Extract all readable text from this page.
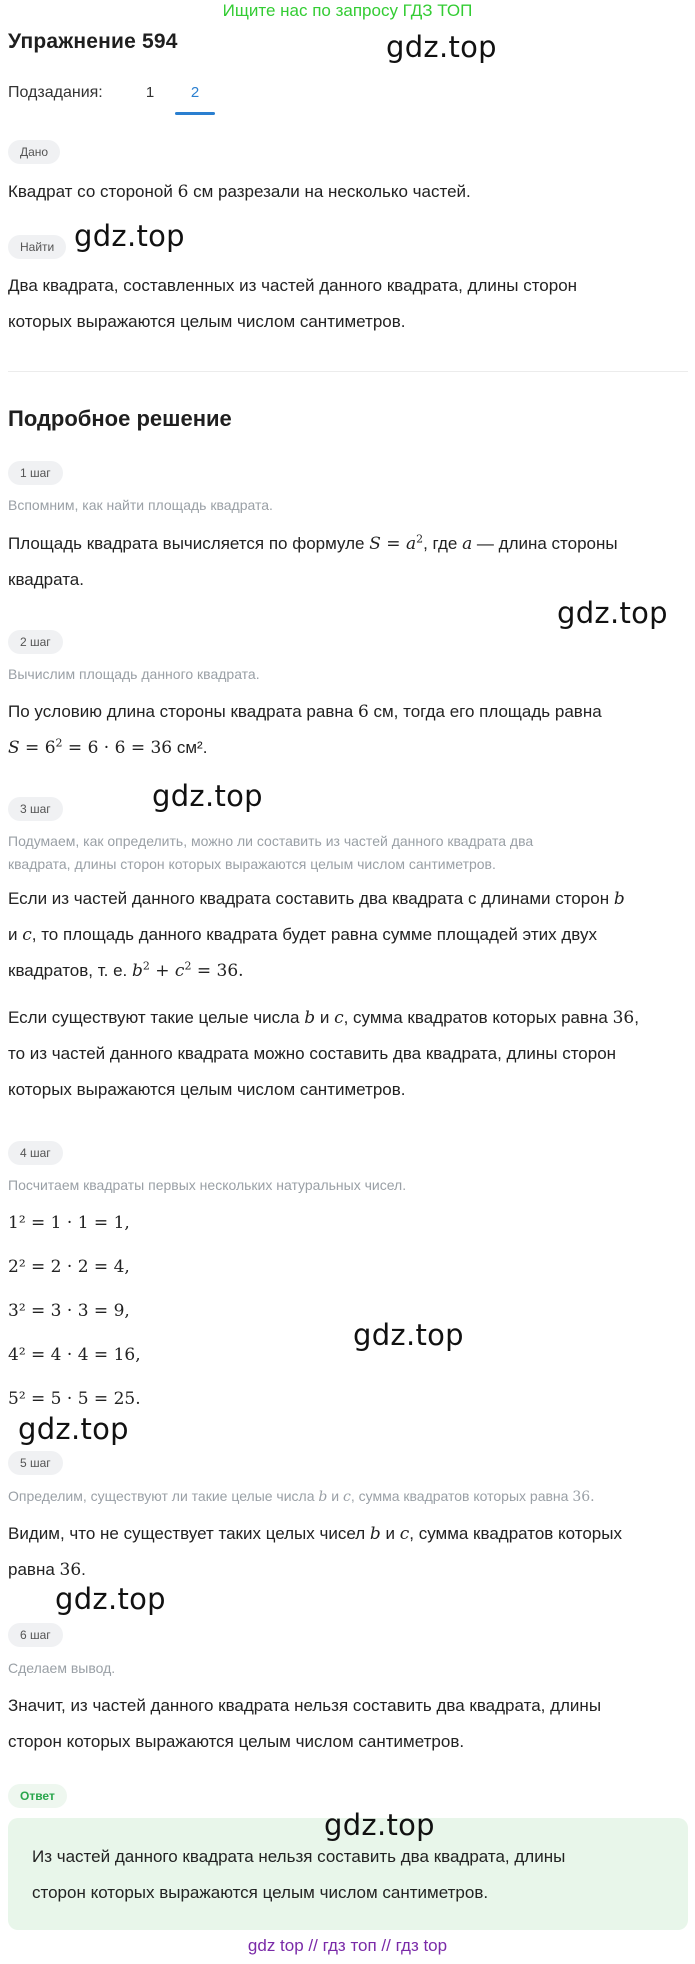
Ищите нас по запросу ГДЗ ТОП
Упражнение 594	gdz.top
Подзадания:	1	2
Дано
Квадрат со стороной 6 см разрезали на несколько частей.
Найти gdz.top
Два квадрата, составленных из частей данного квадрата, длины сторон
которых выражаются целым числом сантиметров.
Подробное решение
1 шаг
Вспомним, как найти площадь квадрата.
Площадь квадрата вычисляется по формуле $S = a^2$, где a — длина стороны
квадрата.
gdz.top
2 шаг
Вычислим площадь данного квадрата.
По условию длина стороны квадрата равна 6 см, тогда его площадь равна
$S = 6^2 = 6 \cdot 6 = 36$ см².
3 шаг	gdz.top
Подумаем, как определить, можно ли составить из частей данного квадрата два
квадрата, длины сторон которых выражаются целым числом сантиметров.
Если из частей данного квадрата составить два квадрата с длинами сторон b
и c, то площадь данного квадрата будет равна сумме площадей этих двух
квадратов, т. е. $b^2 + c^2 = 36$.
Если существуют такие целые числа b и c, сумма квадратов которых равна 36,
то из частей данного квадрата можно составить два квадрата, длины сторон
которых выражаются целым числом сантиметров.
4 шаг
Посчитаем квадраты первых нескольких натуральных чисел.
1² = 1 · 1 = 1,
2² = 2 · 2 = 4,
3² = 3 · 3 = 9,
4² = 4 · 4 = 16,
gdz.top
5² = 5 · 5 = 25.
gdz.top
5 шаг
Определим, существуют ли такие целые числа b и c, сумма квадратов которых равна 36.
Видим, что не существует таких целых чисел b и c, сумма квадратов которых
равна 36.
gdz.top
6 шаг
Сделаем вывод.
Значит, из частей данного квадрата нельзя составить два квадрата, длины
сторон которых выражаются целым числом сантиметров.
Ответ
gdz.top
Из частей данного квадрата нельзя составить два квадрата, длины
сторон которых выражаются целым числом сантиметров.
gdz top // гдз топ // гдз top
